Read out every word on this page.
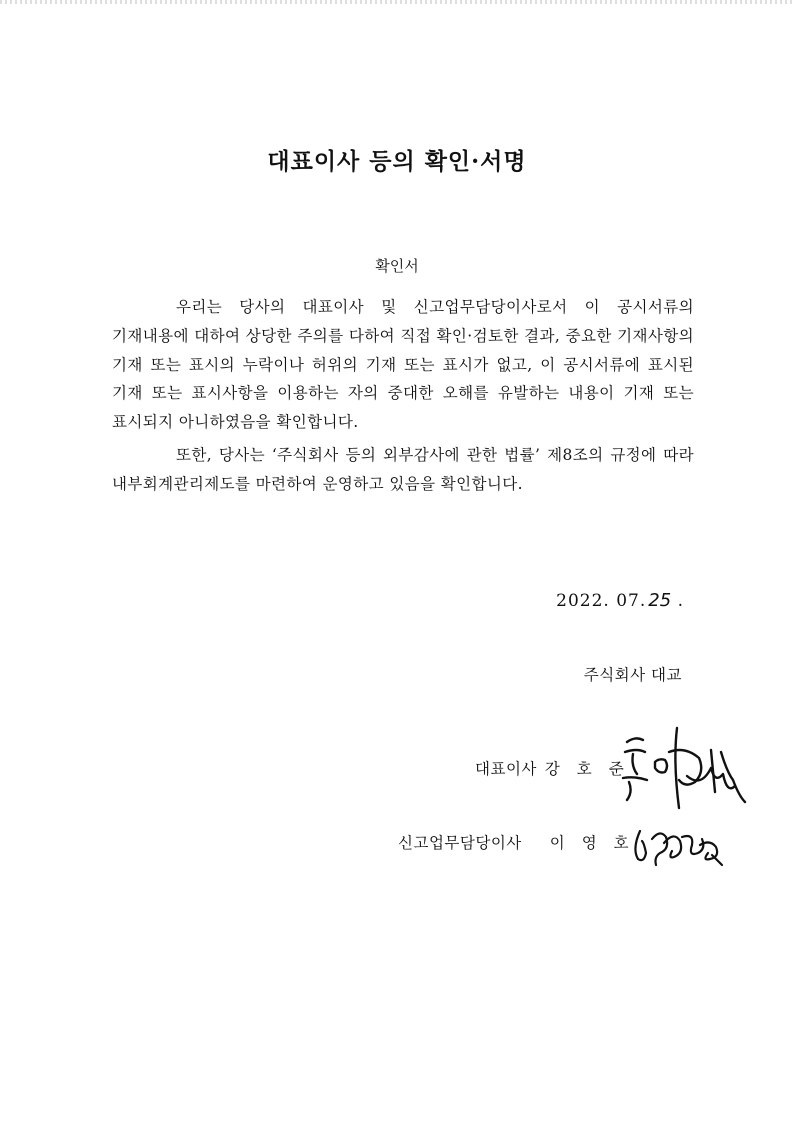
대표이사 등의 확인·서명
확인서
우리는 당사의 대표이사 및 신고업무담당이사로서 이 공시서류의 기재내용에 대하여 상당한 주의를 다하여 직접 확인·검토한 결과, 중요한 기재사항의 기재 또는 표시의 누락이나 허위의 기재 또는 표시가 없고, 이 공시서류에 표시된 기재 또는 표시사항을 이용하는 자의 중대한 오해를 유발하는 내용이 기재 또는 표시되지 아니하였음을 확인합니다.
또한, 당사는 ‘주식회사 등의 외부감사에 관한 법률’ 제8조의 규정에 따라 내부회계관리제도를 마련하여 운영하고 있음을 확인합니다.
2022. 07. 25 .
주식회사 대교
대표이사 강 호 준
신고업무담당이사 이 영 호
